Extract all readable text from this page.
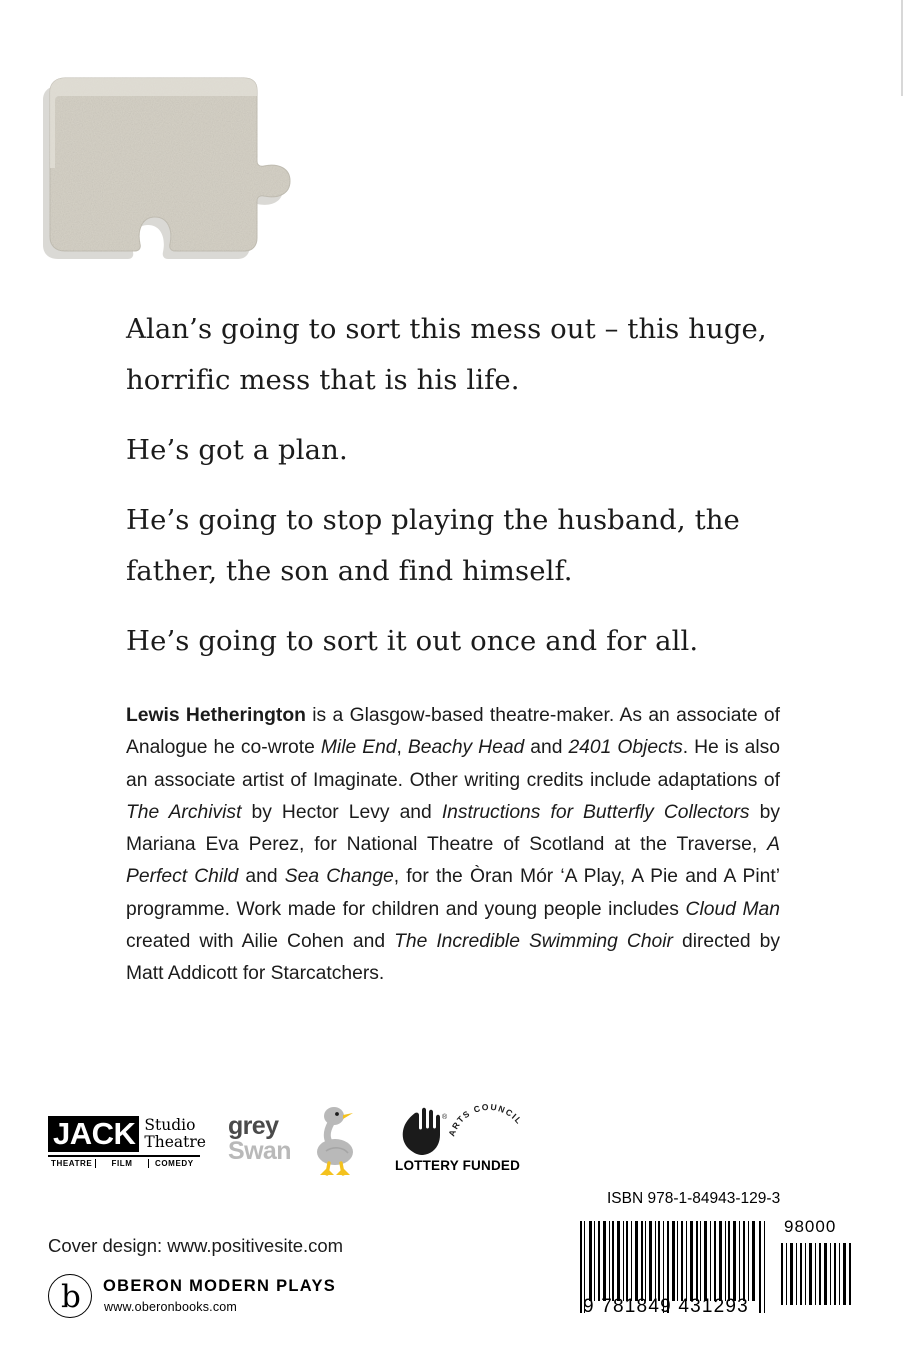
Alan’s going to sort this mess out – this huge, horrific mess that is his life.

He’s got a plan.

He’s going to stop playing the husband, the father, the son and find himself.

He’s going to sort it out once and for all.

Lewis Hetherington is a Glasgow-based theatre-maker. As an associate of Analogue he co-wrote Mile End, Beachy Head and 2401 Objects. He is also an associate artist of Imaginate. Other writing credits include adaptations of The Archivist by Hector Levy and Instructions for Butterfly Collectors by Mariana Eva Perez, for National Theatre of Scotland at the Traverse, A Perfect Child and Sea Change, for the Òran Mór ‘A Play, A Pie and A Pint’ programme. Work made for children and young people includes Cloud Man created with Ailie Cohen and The Incredible Swimming Choir directed by Matt Addicott for Starcatchers.
JACK Studio
Theatre
THEATRE	FILM	COMEDY
grey
Swan
®
ARTS COUNCIL
LOTTERY FUNDED
ISBN 978-1-84943-129-3
9 781849 431293
98000
Cover design: www.positivesite.com
b OBERON MODERN PLAYS
www.oberonbooks.com
